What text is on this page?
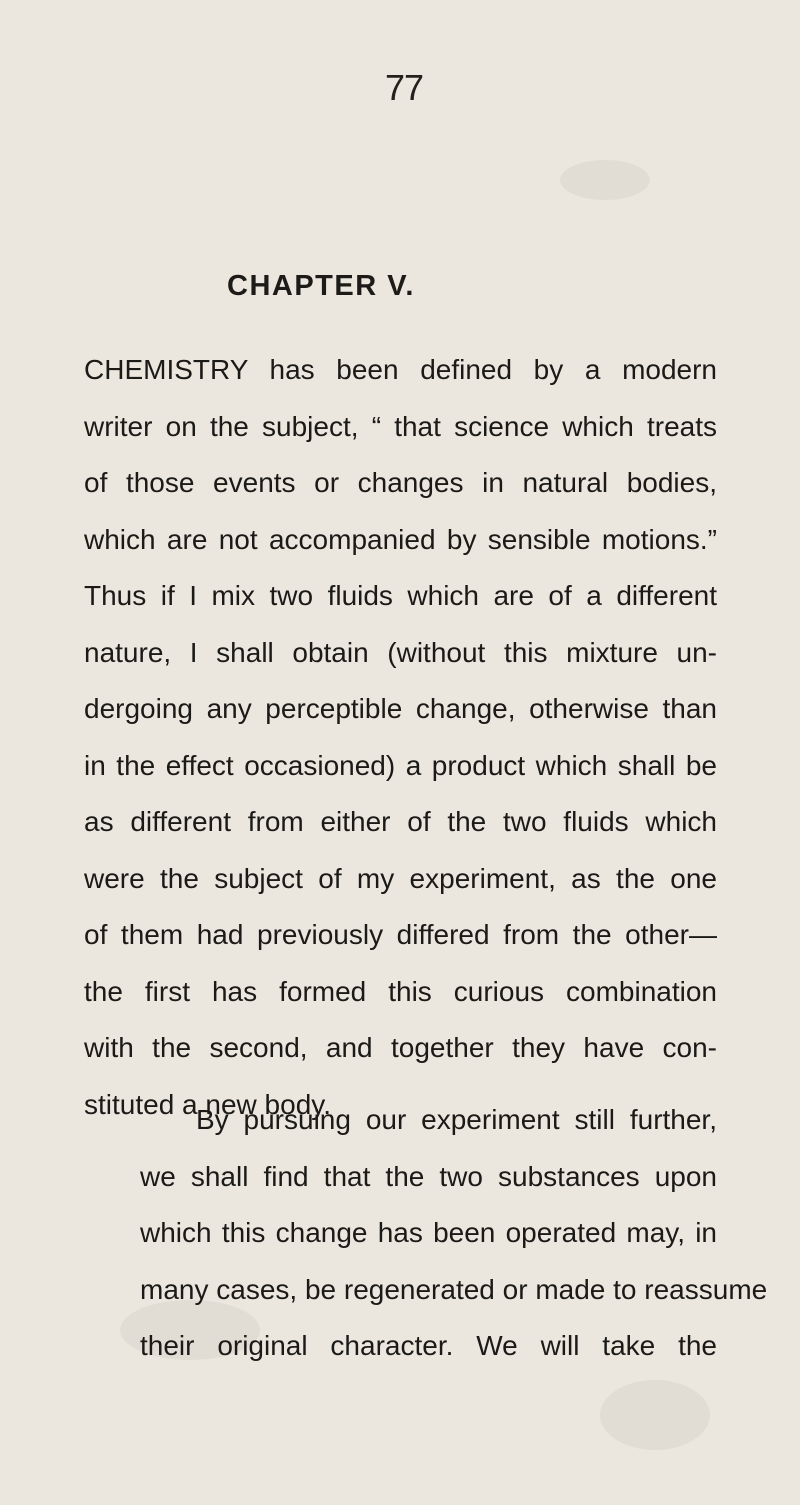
77
CHAPTER V.
CHEMISTRY has been defined by a modern
writer on the subject, “ that science which treats
of those events or changes in natural bodies,
which are not accompanied by sensible motions.”
Thus if I mix two fluids which are of a different
nature, I shall obtain (without this mixture un-
dergoing any perceptible change, otherwise than
in the effect occasioned) a product which shall be
as different from either of the two fluids which
were the subject of my experiment, as the one
of them had previously differed from the other—
the first has formed this curious combination
with the second, and together they have con-
stituted a new body.
By pursuing our experiment still further,
we shall find that the two substances upon
which this change has been operated may, in
many cases, be regenerated or made to reassume
their original character. We will take the
